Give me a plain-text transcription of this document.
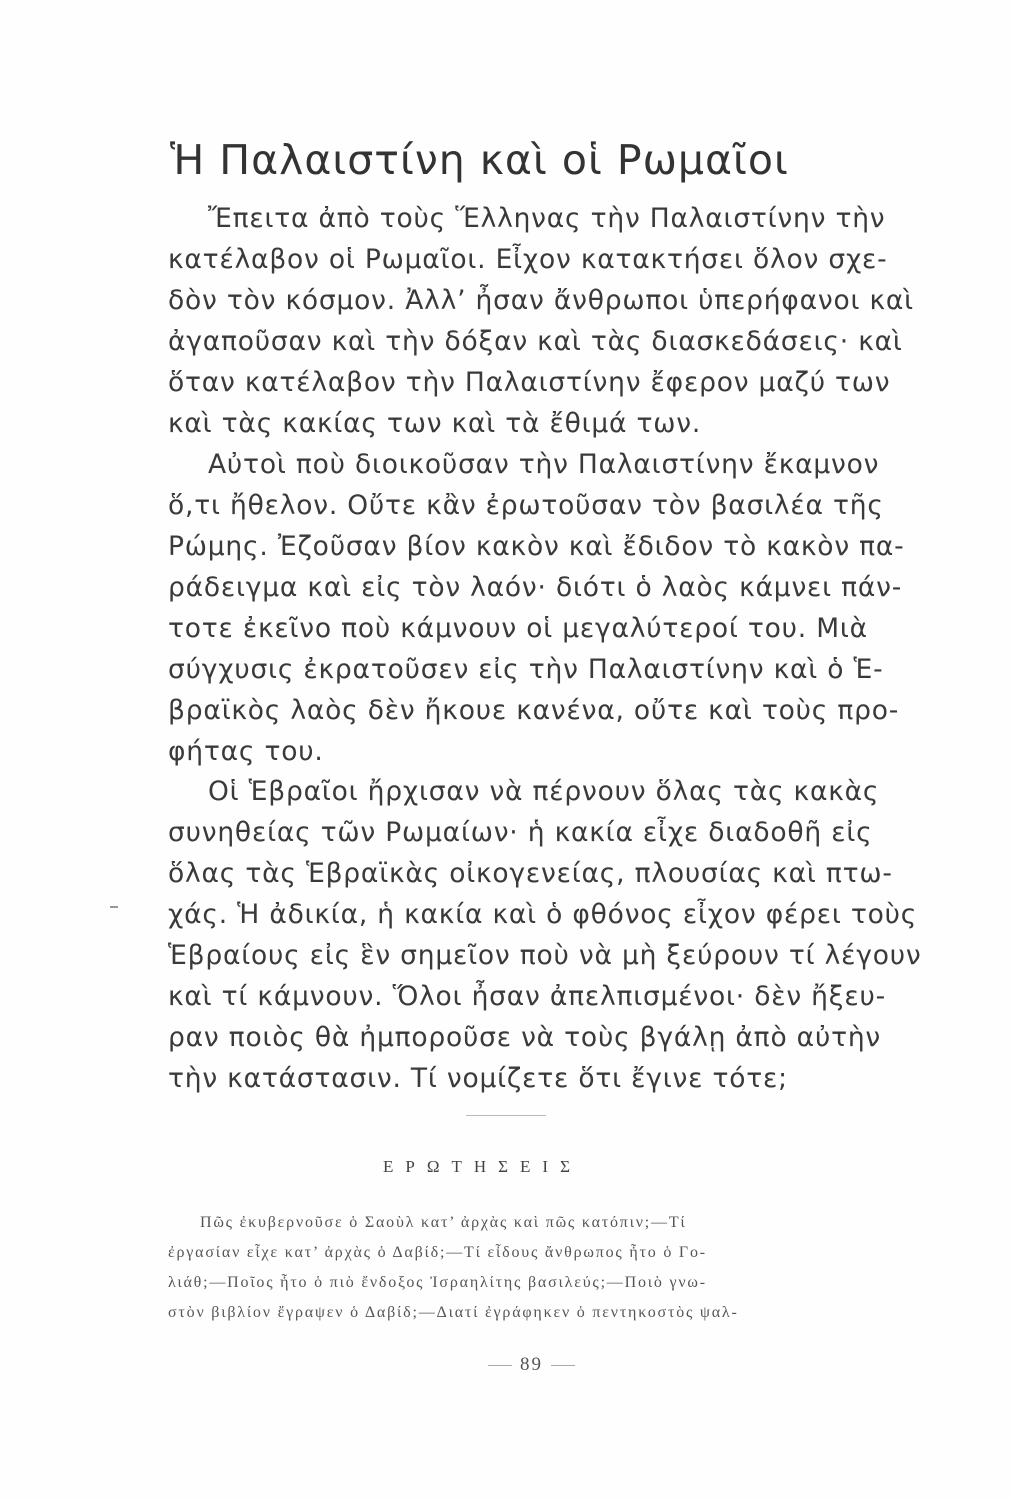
Ἡ Παλαιστίνη καὶ οἱ Ρωμαῖοι
Ἔπειτα ἀπὸ τοὺς Ἕλληνας τὴν Παλαιστίνην τὴν
κατέλαβον οἱ Ρωμαῖοι. Εἶχον κατακτήσει ὅλον σχε-
δὸν τὸν κόσμον. Ἀλλ’ ἦσαν ἄνθρωποι ὑπερήφανοι καὶ
ἀγαποῦσαν καὶ τὴν δόξαν καὶ τὰς διασκεδάσεις· καὶ
ὅταν κατέλαβον τὴν Παλαιστίνην ἔφερον μαζύ των
καὶ τὰς κακίας των καὶ τὰ ἔθιμά των.
Αὐτοὶ ποὺ διοικοῦσαν τὴν Παλαιστίνην ἔκαμνον
ὅ,τι ἤθελον. Οὔτε κἂν ἐρωτοῦσαν τὸν βασιλέα τῆς
Ρώμης. Ἐζοῦσαν βίον κακὸν καὶ ἔδιδον τὸ κακὸν πα-
ράδειγμα καὶ εἰς τὸν λαόν· διότι ὁ λαὸς κάμνει πάν-
τοτε ἐκεῖνο ποὺ κάμνουν οἱ μεγαλύτεροί του. Μιὰ
σύγχυσις ἐκρατοῦσεν εἰς τὴν Παλαιστίνην καὶ ὁ Ἑ-
βραϊκὸς λαὸς δὲν ἤκουε κανένα, οὔτε καὶ τοὺς προ-
φήτας του.
Οἱ Ἑβραῖοι ἤρχισαν νὰ πέρνουν ὅλας τὰς κακὰς
συνηθείας τῶν Ρωμαίων· ἡ κακία εἶχε διαδοθῆ εἰς
ὅλας τὰς Ἑβραϊκὰς οἰκογενείας, πλουσίας καὶ πτω-
χάς. Ἡ ἀδικία, ἡ κακία καὶ ὁ φθόνος εἶχον φέρει τοὺς
Ἑβραίους εἰς ἓν σημεῖον ποὺ νὰ μὴ ξεύρουν τί λέγουν
καὶ τί κάμνουν. Ὅλοι ἦσαν ἀπελπισμένοι· δὲν ἤξευ-
ραν ποιὸς θὰ ἠμποροῦσε νὰ τοὺς βγάλῃ ἀπὸ αὐτὴν
τὴν κατάστασιν. Τί νομίζετε ὅτι ἔγινε τότε;
ΕΡΩΤΗΣΕΙΣ
Πῶς ἐκυβερνοῦσε ὁ Σαοὺλ κατ’ ἀρχὰς καὶ πῶς κατόπιν;—Τί
ἐργασίαν εἶχε κατ’ ἀρχὰς ὁ Δαβίδ;—Τί εἶδους ἄνθρωπος ἦτο ὁ Γο-
λιάθ;—Ποῖος ἦτο ὁ πιὸ ἔνδοξος Ἰσραηλίτης βασιλεύς;—Ποιὸ γνω-
στὸν βιβλίον ἔγραψεν ὁ Δαβίδ;—Διατί ἐγράφηκεν ὁ πεντηκοστὸς ψαλ-
89
